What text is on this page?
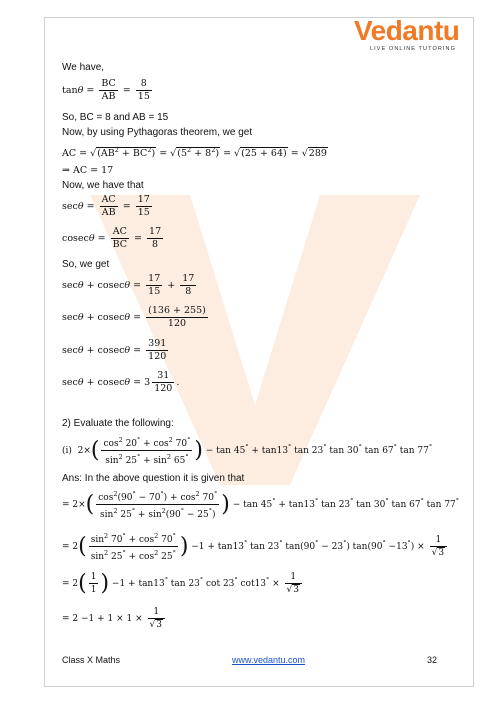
Vedantu
LIVE ONLINE TUTORING
We have,
$\tan\theta = \frac{BC}{AB} = \frac{8}{15}$
So, BC = 8 and AB = 15
Now, by using Pythagoras theorem, we get
AC = $√(AB^2 + BC^2) = √(5^2 + 8^2) = √(25 + 64) = √289$
⇒ AC = 17
Now, we have that
$\sec\theta = \frac{AC}{AB} = \frac{17}{15}$
$cosec\theta = \frac{AC}{BC} = \frac{17}{8}$
So, we get
$\sec\theta + cosec\theta = \frac{17}{15} + \frac{17}{8}$
$\sec\theta + cosec\theta = \frac{(136 + 255)}{120}$
$\sec\theta + cosec\theta = \frac{391}{120}$
$\sec\theta + cosec\theta = 3 \frac{31}{120}$ .
2) Evaluate the following:
(i)  $2\times( \frac{\cos^2 20^\circ + \cos^2 70^\circ}{\sin^2 25^\circ + \sin^2 65^\circ}$ ) − tan 45° + tan13° tan 23° tan 30° tan 67° tan 77°
Ans: In the above question it is given that
= $2\times( \frac{\cos^2(90^\circ - 70^\circ) + \cos^2 70^\circ}{\sin^2 25^\circ + \sin^2(90^\circ - 25^\circ)}$ ) − tan 45° + tan13° tan 23° tan 30° tan 67° tan 77°
= $2( \frac{\sin^2 70^\circ + \cos^2 70^\circ}{\sin^2 25^\circ + \cos^2 25^\circ}$ ) −1 + tan13° tan 23° tan(90° − 23°) $\tan(90^\circ -13^\circ) \times \frac{1}{√3}$
= $2( \frac{1}{1}$ ) −1 + tan13° tan 23° cot 23° $\cot 13^\circ \times \frac{1}{√3}$
= $2 -1 + 1 \times 1 \times \frac{1}{√3}$
Class X Maths	www.vedantu.com	32
